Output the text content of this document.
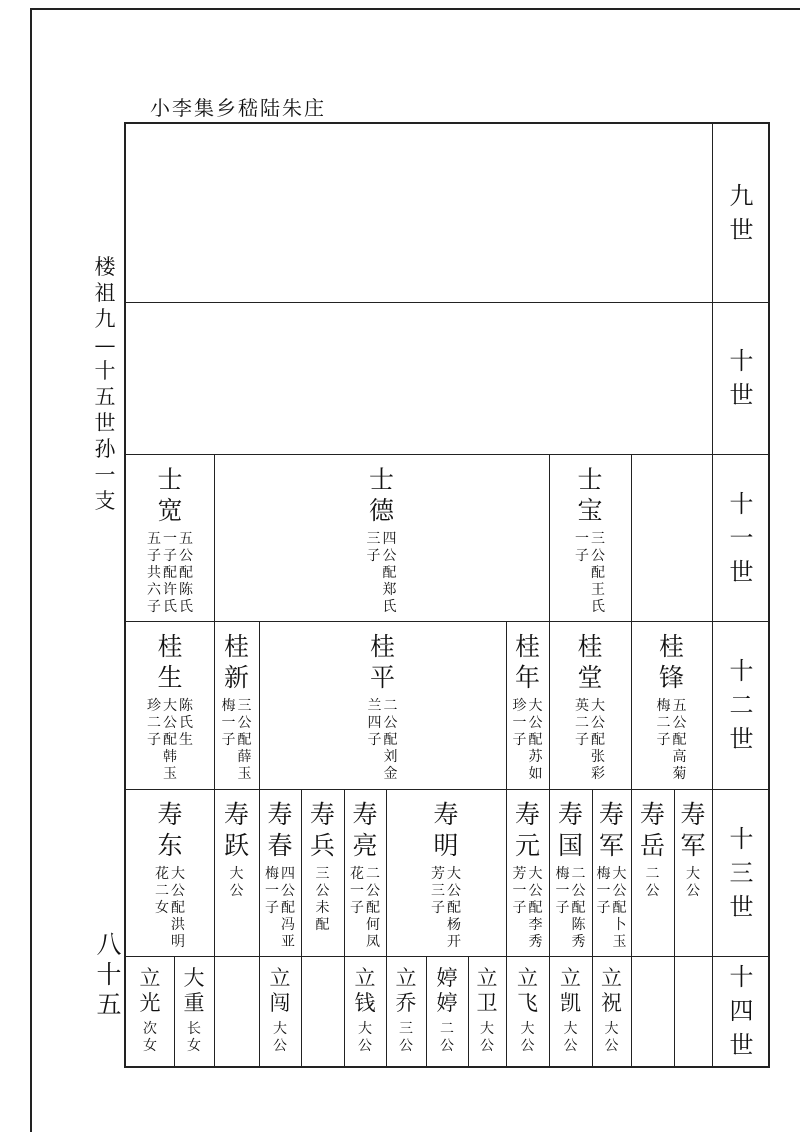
小李集乡嵇陆朱庄
楼祖九—十五世孙一支
八十五
九世
十世
十一世
十二世
十三世
十四世
士宽
五公配陈氏
一子配许氏
五子共六子
士德
四公配郑氏
三子
士宝
三公配王氏
一子
桂生
陈氏生
大公配韩玉
珍二子
桂新
三公配薛玉
梅一子
桂平
二公配刘金
兰四子
桂年
大公配苏如
珍一子
桂堂
大公配张彩
英二子
桂锋
五公配高菊
梅二子
寿东
大公配洪明
花二女
寿跃
大公
寿春
四公配冯亚
梅一子
寿兵
三公未配
寿亮
二公配何凤
花一子
寿明
大公配杨开
芳三子
寿元
大公配李秀
芳一子
寿国
二公配陈秀
梅一子
寿军
大公配卜玉
梅一子
寿岳
二公
寿军
大公
立光
次女
大重
长女
立闯
大公
立钱
大公
立乔
三公
婷婷
二公
立卫
大公
立飞
大公
立凯
大公
立祝
大公
